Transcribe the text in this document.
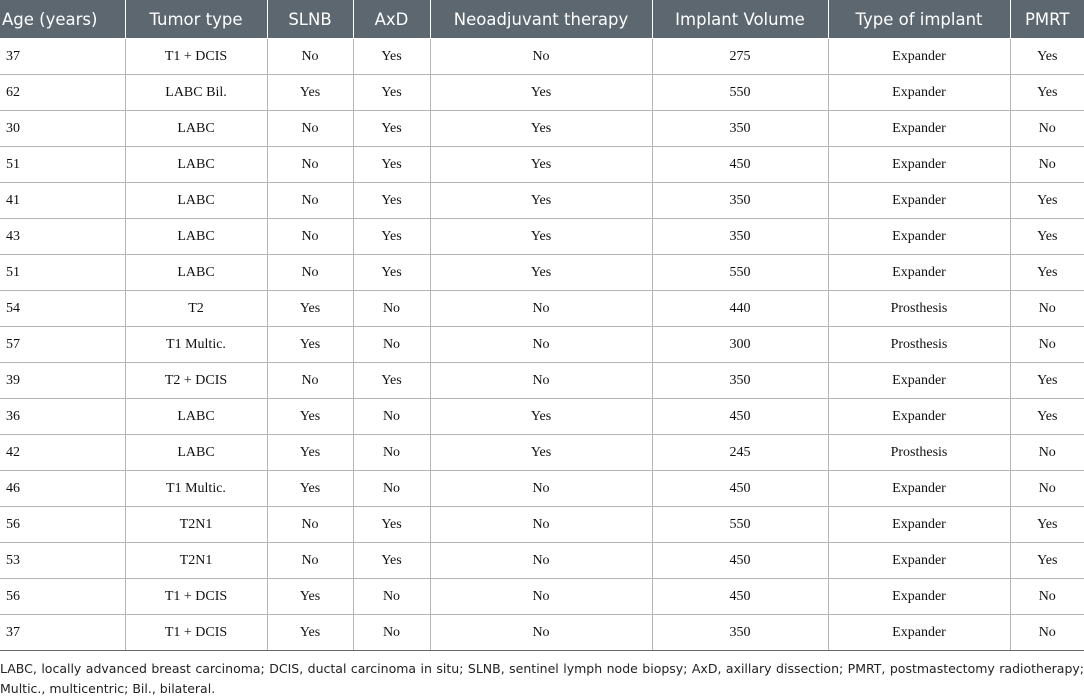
Age (years)	Tumor type	SLNB	AxD	Neoadjuvant therapy	Implant Volume	Type of implant	PMRT
37	T1 + DCIS	No	Yes	No	275	Expander	Yes
62	LABC Bil.	Yes	Yes	Yes	550	Expander	Yes
30	LABC	No	Yes	Yes	350	Expander	No
51	LABC	No	Yes	Yes	450	Expander	No
41	LABC	No	Yes	Yes	350	Expander	Yes
43	LABC	No	Yes	Yes	350	Expander	Yes
51	LABC	No	Yes	Yes	550	Expander	Yes
54	T2	Yes	No	No	440	Prosthesis	No
57	T1 Multic.	Yes	No	No	300	Prosthesis	No
39	T2 + DCIS	No	Yes	No	350	Expander	Yes
36	LABC	Yes	No	Yes	450	Expander	Yes
42	LABC	Yes	No	Yes	245	Prosthesis	No
46	T1 Multic.	Yes	No	No	450	Expander	No
56	T2N1	No	Yes	No	550	Expander	Yes
53	T2N1	No	Yes	No	450	Expander	Yes
56	T1 + DCIS	Yes	No	No	450	Expander	No
37	T1 + DCIS	Yes	No	No	350	Expander	No
LABC, locally advanced breast carcinoma; DCIS, ductal carcinoma in situ; SLNB, sentinel lymph node biopsy; AxD, axillary dissection; PMRT, postmastectomy radiotherapy; Multic., multicentric; Bil., bilateral.
